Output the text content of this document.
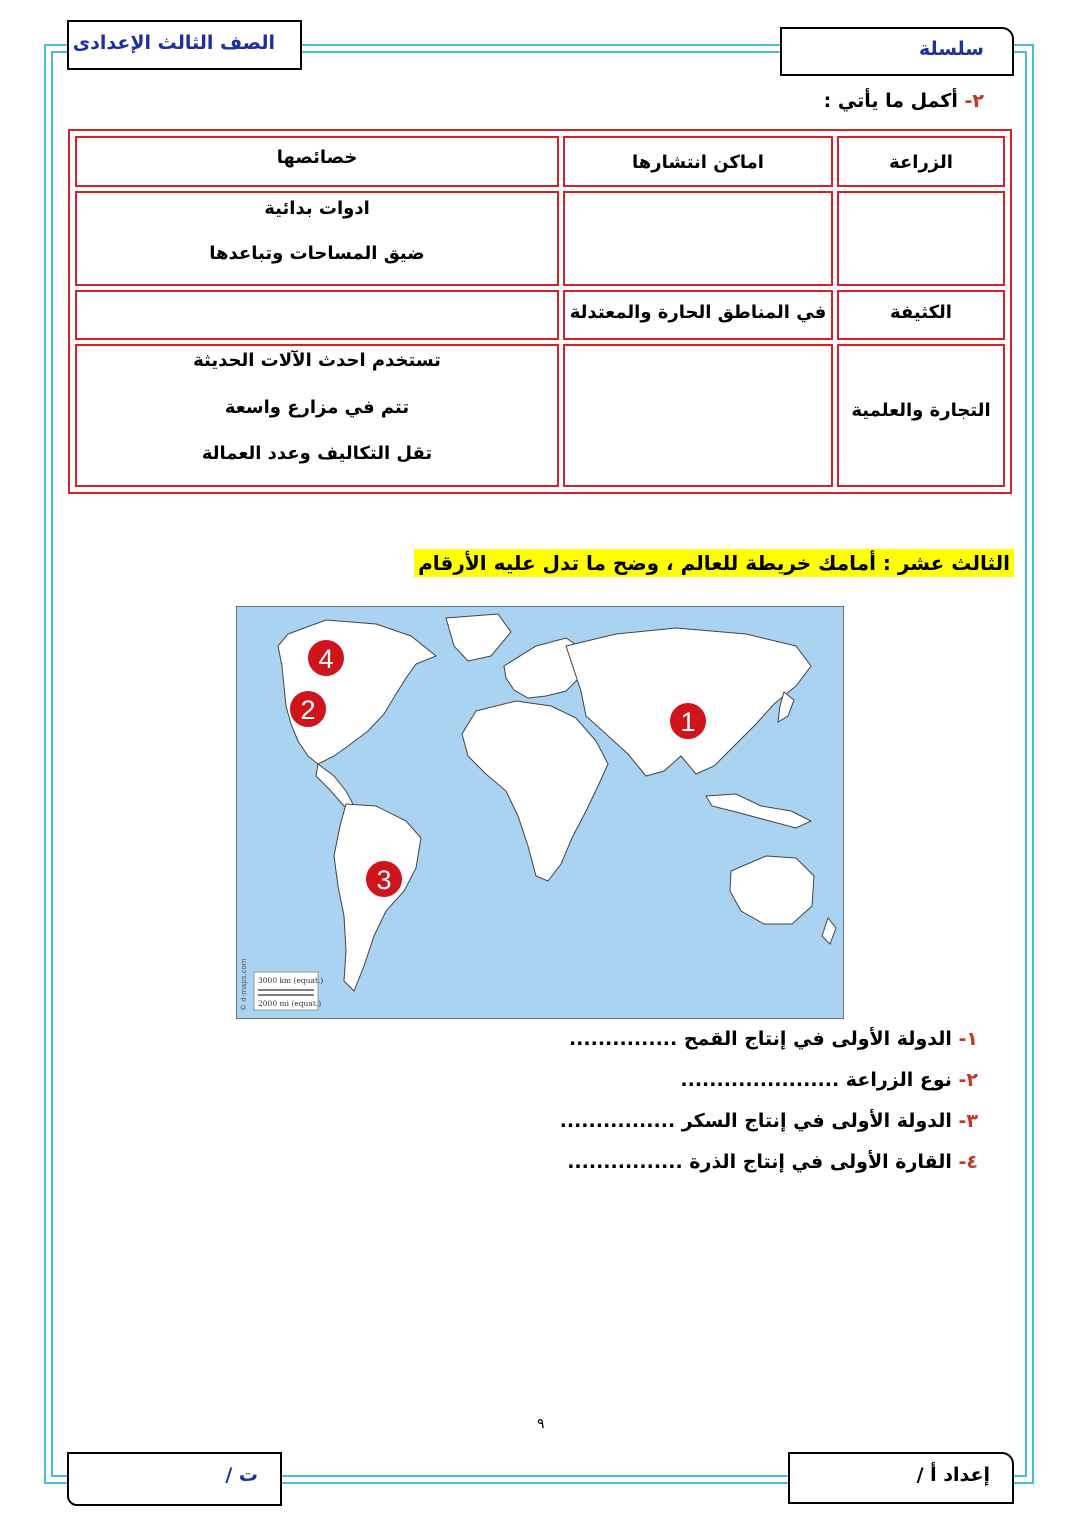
سلسلة
الصف الثالث الإعدادى
٢- أكمل ما يأتي :
الزراعة
اماكن انتشارها
خصائصها
ادوات بدائية
ضيق المساحات وتباعدها
الكثيفة
في المناطق الحارة والمعتدلة
التجارة والعلمية
تستخدم احدث الآلات الحديثة
تتم في مزارع واسعة
تقل التكاليف وعدد العمالة
الثالث عشر : أمامك خريطة للعالم ، وضح ما تدل عليه الأرقام
1
2
3
4
© d-maps.com 3000 km (equat.)
2000 mi (equat.)
١- الدولة الأولى في إنتاج القمح ...............
٢- نوع الزراعة ......................
٣- الدولة الأولى في إنتاج السكر ................
٤- القارة الأولى في إنتاج الذرة ................
٩
إعداد أ /
ت /
